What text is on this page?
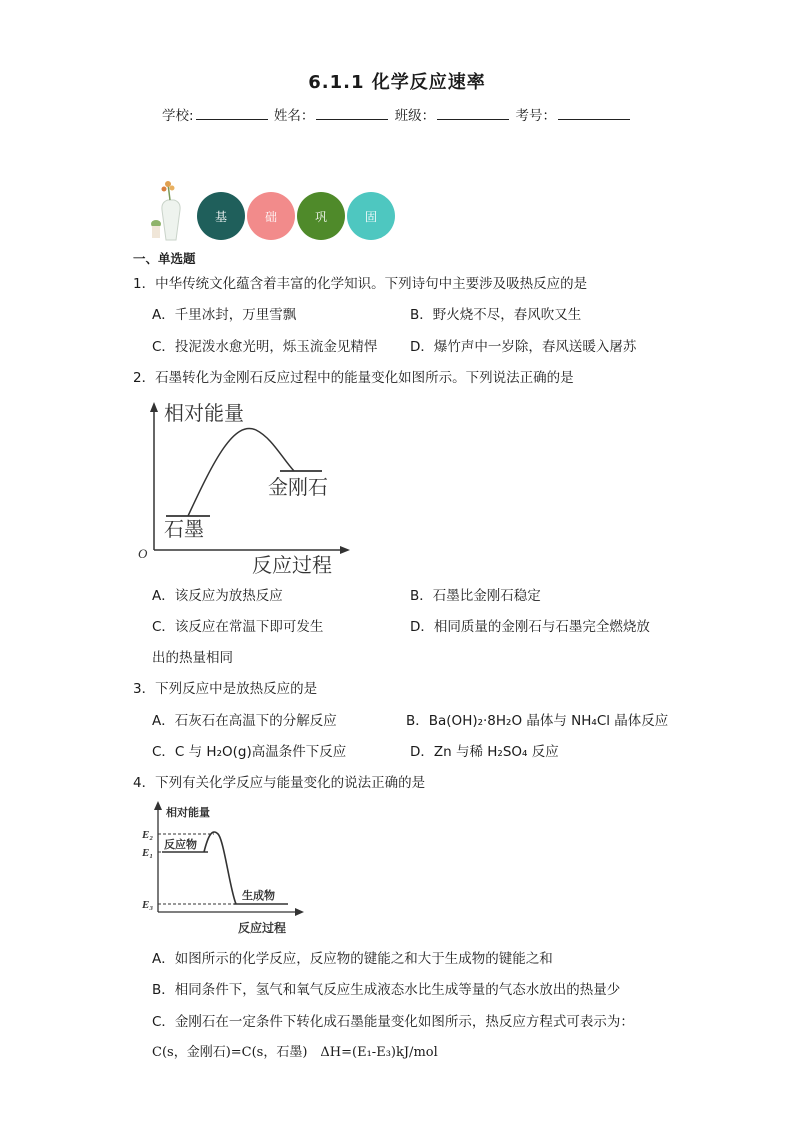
6.1.1 化学反应速率
学校:	姓名：	班级：	考号：
基	础	巩	固
一、单选题
1．中华传统文化蕴含着丰富的化学知识。下列诗句中主要涉及吸热反应的是
A．千里冰封，万里雪飘	B．野火烧不尽，春风吹又生
C．投泥泼水愈光明，烁玉流金见精悍 D．爆竹声中一岁除，春风送暖入屠苏
2．石墨转化为金刚石反应过程中的能量变化如图所示。下列说法正确的是
相对能量
反应过程
O
石墨
金刚石
A．该反应为放热反应	B．石墨比金刚石稳定
C．该反应在常温下即可发生	D．相同质量的金刚石与石墨完全燃烧放
出的热量相同
3．下列反应中是放热反应的是
A．石灰石在高温下的分解反应	B．Ba(OH)₂·8H₂O 晶体与 NH₄Cl 晶体反应
C．C 与 H₂O(g)高温条件下反应	D．Zn 与稀 H₂SO₄ 反应
4．下列有关化学反应与能量变化的说法正确的是
相对能量
反应过程
E₂
E₁
E₃
反应物
生成物
A．如图所示的化学反应，反应物的键能之和大于生成物的键能之和
B．相同条件下，氢气和氧气反应生成液态水比生成等量的气态水放出的热量少
C．金刚石在一定条件下转化成石墨能量变化如图所示，热反应方程式可表示为：
C(s，金刚石)=C(s，石墨)　ΔH=(E₁-E₃)kJ/mol
